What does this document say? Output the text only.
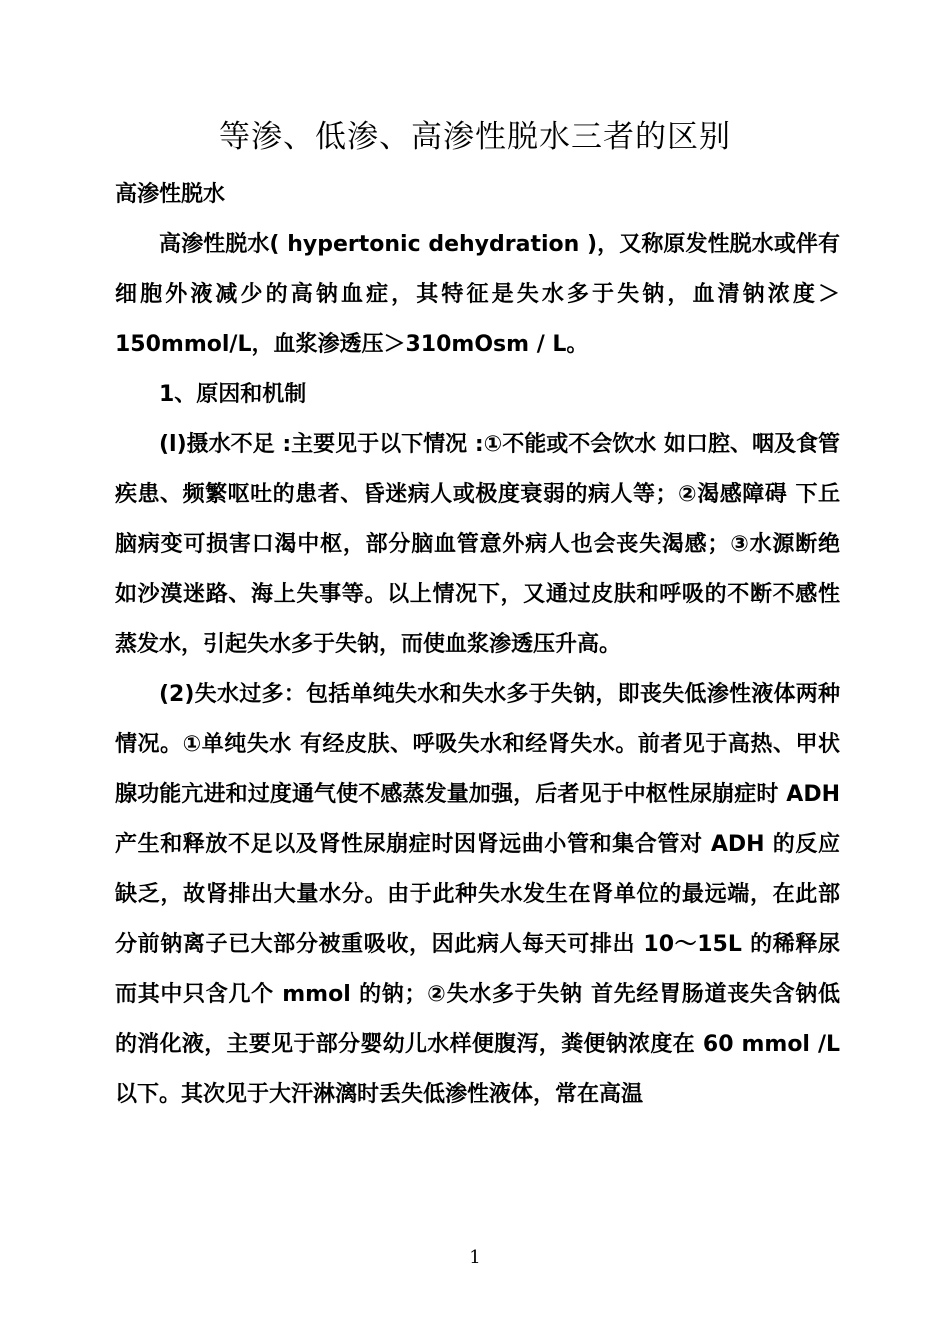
等渗、低渗、高渗性脱水三者的区别

高渗性脱水

高渗性脱水( hypertonic dehydration )，又称原发性脱水或伴有细胞外液减少的高钠血症，其特征是失水多于失钠，血清钠浓度＞150mmol/L，血浆渗透压＞310mOsm / L。

1、原因和机制

(l)摄水不足 :主要见于以下情况 :①不能或不会饮水 如口腔、咽及食管疾患、频繁呕吐的患者、昏迷病人或极度衰弱的病人等；②渴感障碍 下丘脑病变可损害口渴中枢，部分脑血管意外病人也会丧失渴感；③水源断绝 如沙漠迷路、海上失事等。以上情况下，又通过皮肤和呼吸的不断不感性蒸发水，引起失水多于失钠，而使血浆渗透压升高。

(2)失水过多：包括单纯失水和失水多于失钠，即丧失低渗性液体两种情况。①单纯失水 有经皮肤、呼吸失水和经肾失水。前者见于高热、甲状腺功能亢进和过度通气使不感蒸发量加强，后者见于中枢性尿崩症时 ADH 产生和释放不足以及肾性尿崩症时因肾远曲小管和集合管对 ADH 的反应缺乏，故肾排出大量水分。由于此种失水发生在肾单位的最远端，在此部分前钠离子已大部分被重吸收，因此病人每天可排出 10～15L 的稀释尿而其中只含几个 mmol 的钠；②失水多于失钠 首先经胃肠道丧失含钠低的消化液，主要见于部分婴幼儿水样便腹泻，粪便钠浓度在 60 mmol /L 以下。其次见于大汗淋漓时丢失低渗性液体，常在高温

1
